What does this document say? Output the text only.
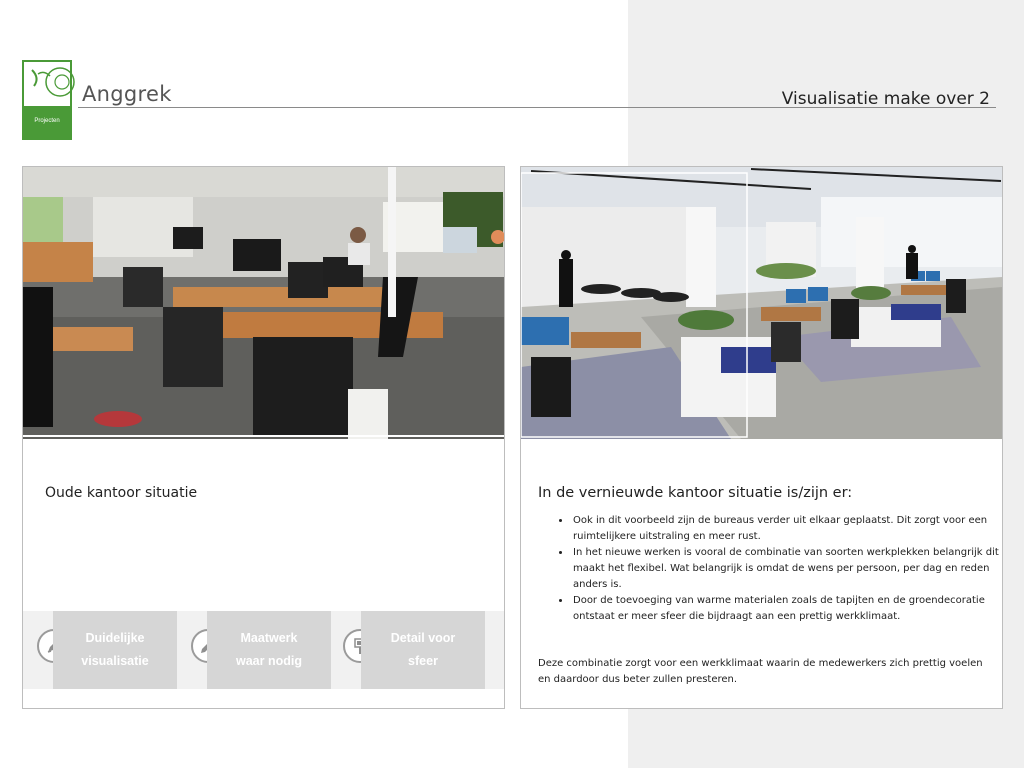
Projecten
Anggrek	Visualisatie make over 2
Oude kantoor situatie
Duidelijke
visualisatie
Maatwerk
waar nodig
Detail voor
sfeer
In de vernieuwde kantoor situatie is/zijn er:
• Ook in dit voorbeeld zijn de bureaus verder uit elkaar geplaatst. Dit zorgt voor een ruimtelijkere uitstraling en meer rust.
• In het nieuwe werken is vooral de combinatie van soorten werkplekken belangrijk dit maakt het flexibel. Wat belangrijk is omdat de wens per persoon, per dag en reden anders is.
• Door de toevoeging van warme materialen zoals de tapijten en de groendecoratie ontstaat er meer sfeer die bijdraagt aan een prettig werkklimaat.

Deze combinatie zorgt voor een werkklimaat waarin de medewerkers zich prettig voelen en daardoor dus beter zullen presteren.
